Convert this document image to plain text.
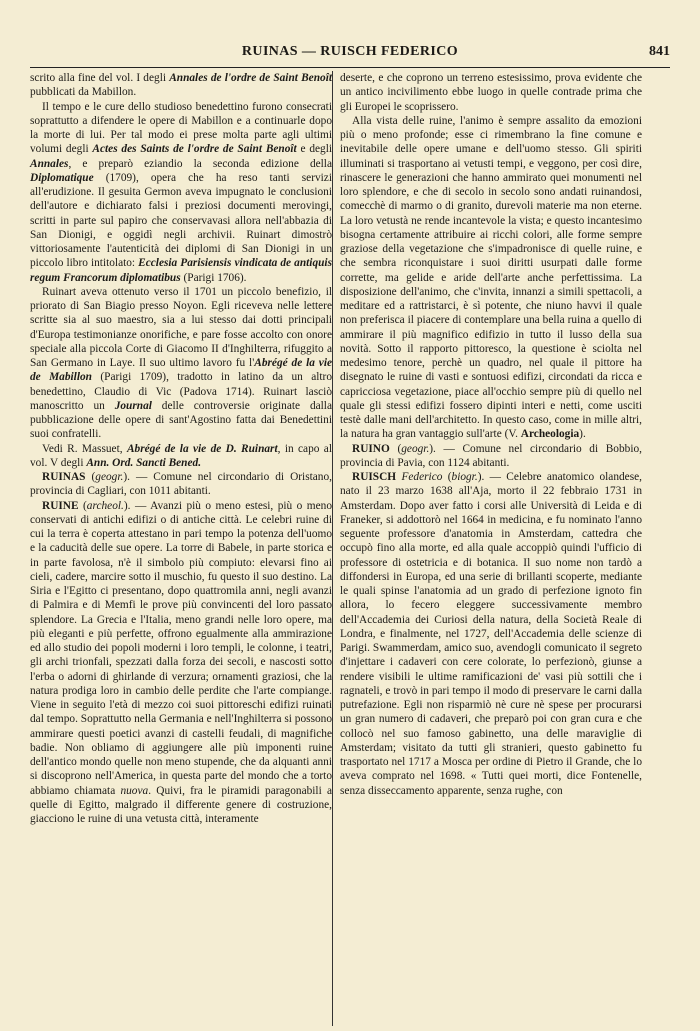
RUINAS — RUISCH FEDERICO	841

scrito alla fine del vol. I degli Annales de l'ordre de Saint Benoît pubblicati da Mabillon.

Il tempo e le cure dello studioso benedettino furono consecrati soprattutto a difendere le opere di Mabillon e a continuarle dopo la morte di lui. Per tal modo ei prese molta parte agli ultimi volumi degli Actes des Saints de l'ordre de Saint Benoît e degli Annales, e preparò eziandio la seconda edizione della Diplomatique (1709), opera che ha reso tanti servizi all'erudizione. Il gesuita Germon aveva impugnato le conclusioni dell'autore e dichiarato falsi i preziosi documenti merovingi, scritti in parte sul papiro che conservavasi allora nell'abbazia di San Dionigi, e oggidì negli archivii. Ruinart dimostrò vittoriosamente l'autenticità dei diplomi di San Dionigi in un piccolo libro intitolato: Ecclesia Parisiensis vindicata de antiquis regum Francorum diplomatibus (Parigi 1706).

Ruinart aveva ottenuto verso il 1701 un piccolo benefizio, il priorato di San Biagio presso Noyon. Egli riceveva nelle lettere scritte sia al suo maestro, sia a lui stesso dai dotti principali d'Europa testimonianze onorifiche, e pare fosse accolto con onore speciale alla piccola Corte di Giacomo II d'Inghilterra, rifuggito a San Germano in Laye. Il suo ultimo lavoro fu l'Abrégé de la vie de Mabillon (Parigi 1709), tradotto in latino da un altro benedettino, Claudio di Vic (Padova 1714). Ruinart lasciò manoscritto un Journal delle controversie originate dalla pubblicazione delle opere di sant'Agostino fatta dai Benedettini suoi confratelli.

Vedi R. Massuet, Abrégé de la vie de D. Ruinart, in capo al vol. V degli Ann. Ord. Sancti Bened.

RUINAS (geogr.). — Comune nel circondario di Oristano, provincia di Cagliari, con 1011 abitanti.

RUINE (archeol.). — Avanzi più o meno estesi, più o meno conservati di antichi edifizi o di antiche città. Le celebri ruine di cui la terra è coperta attestano in pari tempo la potenza dell'uomo e la caducità delle sue opere. La torre di Babele, in parte storica e in parte favolosa, n'è il simbolo più compiuto: elevarsi fino ai cieli, cadere, marcire sotto il muschio, fu questo il suo destino. La Siria e l'Egitto ci presentano, dopo quattromila anni, negli avanzi di Palmira e di Memfi le prove più convincenti del loro passato splendore. La Grecia e l'Italia, meno grandi nelle loro opere, ma più eleganti e più perfette, offrono egualmente alla ammirazione ed allo studio dei popoli moderni i loro templi, le colonne, i teatri, gli archi trionfali, spezzati dalla forza dei secoli, e nascosti sotto l'erba o adorni di ghirlande di verzura; ornamenti graziosi, che la natura prodiga loro in cambio delle perdite che l'arte compiange. Viene in seguito l'età di mezzo coi suoi pittoreschi edifizi ruinati dal tempo. Soprattutto nella Germania e nell'Inghilterra si possono ammirare questi poetici avanzi di castelli feudali, di magnifiche badie. Non obliamo di aggiungere alle più imponenti ruine dell'antico mondo quelle non meno stupende, che da alquanti anni si discoprono nell'America, in questa parte del mondo che a torto abbiamo chiamata nuova. Quivi, fra le piramidi paragonabili a quelle di Egitto, malgrado il differente genere di costruzione, giacciono le ruine di una vetusta città, interamente

deserte, e che coprono un terreno estesissimo, prova evidente che un antico incivilimento ebbe luogo in quelle contrade prima che gli Europei le scoprissero.

Alla vista delle ruine, l'animo è sempre assalito da emozioni più o meno profonde; esse ci rimembrano la fine comune e inevitabile delle opere umane e dell'uomo stesso. Gli spiriti illuminati si trasportano ai vetusti tempi, e veggono, per così dire, rinascere le generazioni che hanno ammirato quei monumenti nel loro splendore, e che di secolo in secolo sono andati ruinandosi, comecchè di marmo o di granito, durevoli materie ma non eterne. La loro vetustà ne rende incantevole la vista; e questo incantesimo bisogna certamente attribuire ai ricchi colori, alle forme sempre graziose della vegetazione che s'impadronisce di quelle ruine, e che sembra riconquistare i suoi diritti usurpati dalle forme corrette, ma gelide e aride dell'arte anche perfettissima. La disposizione dell'animo, che c'invita, innanzi a simili spettacoli, a meditare ed a rattristarci, è sì potente, che niuno havvi il quale non preferisca il piacere di contemplare una bella ruina a quello di ammirare il più magnifico edifizio in tutto il lusso della sua novità. Sotto il rapporto pittoresco, la questione è sciolta nel medesimo tenore, perchè un quadro, nel quale il pittore ha disegnato le ruine di vasti e sontuosi edifizi, circondati da ricca e capricciosa vegetazione, piace all'occhio sempre più di quello nel quale gli stessi edifizi fossero dipinti interi e netti, come usciti testè dalle mani dell'architetto. In questo caso, come in mille altri, la natura ha gran vantaggio sull'arte (V. Archeologia).

RUINO (geogr.). — Comune nel circondario di Bobbio, provincia di Pavia, con 1124 abitanti.

RUISCH Federico (biogr.). — Celebre anatomico olandese, nato il 23 marzo 1638 all'Aja, morto il 22 febbraio 1731 in Amsterdam. Dopo aver fatto i corsi alle Università di Leida e di Franeker, si addottorò nel 1664 in medicina, e fu nominato l'anno seguente professore d'anatomia in Amsterdam, cattedra che occupò fino alla morte, ed alla quale accoppiò quindi l'ufficio di professore di ostetricia e di botanica. Il suo nome non tardò a diffondersi in Europa, ed una serie di brillanti scoperte, mediante le quali spinse l'anatomia ad un grado di perfezione ignoto fin allora, lo fecero eleggere successivamente membro dell'Accademia dei Curiosi della natura, della Società Reale di Londra, e finalmente, nel 1727, dell'Accademia delle scienze di Parigi. Swammerdam, amico suo, avendogli comunicato il segreto d'injettare i cadaveri con cere colorate, lo perfezionò, giunse a rendere visibili le ultime ramificazioni de' vasi più sottili che i ragnateli, e trovò in pari tempo il modo di preservare le carni dalla putrefazione. Egli non risparmiò nè cure nè spese per procurarsi un gran numero di cadaveri, che preparò poi con gran cura e che collocò nel suo famoso gabinetto, una delle maraviglie di Amsterdam; visitato da tutti gli stranieri, questo gabinetto fu trasportato nel 1717 a Mosca per ordine di Pietro il Grande, che lo aveva comprato nel 1698. « Tutti quei morti, dice Fontenelle, senza disseccamento apparente, senza rughe, con
